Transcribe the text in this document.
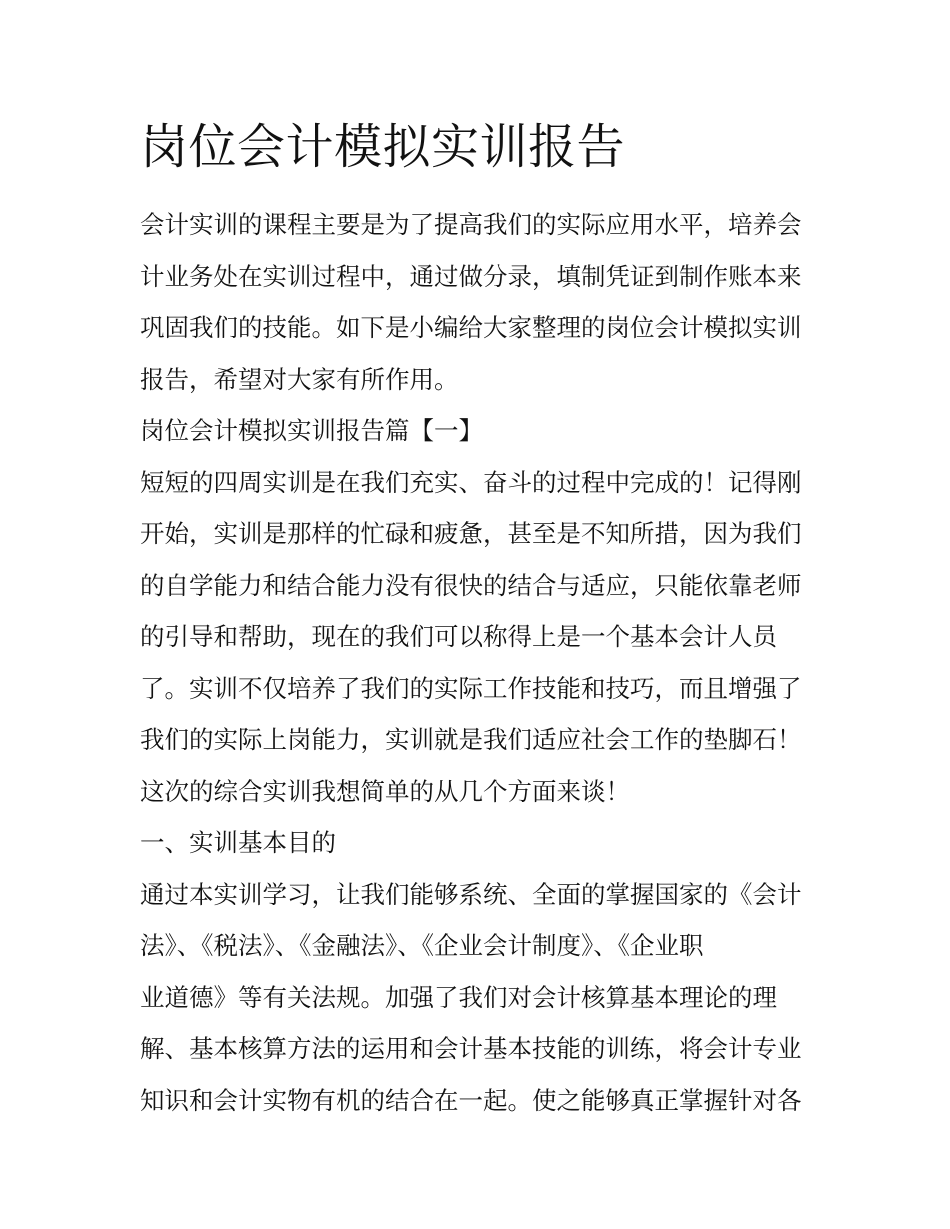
岗位会计模拟实训报告
会计实训的课程主要是为了提高我们的实际应用水平，培养会
计业务处在实训过程中，通过做分录，填制凭证到制作账本来
巩固我们的技能。如下是小编给大家整理的岗位会计模拟实训
报告，希望对大家有所作用。
岗位会计模拟实训报告篇【一】
短短的四周实训是在我们充实、奋斗的过程中完成的！记得刚
开始，实训是那样的忙碌和疲惫，甚至是不知所措，因为我们
的自学能力和结合能力没有很快的结合与适应，只能依靠老师
的引导和帮助，现在的我们可以称得上是一个基本会计人员
了。实训不仅培养了我们的实际工作技能和技巧，而且增强了
我们的实际上岗能力，实训就是我们适应社会工作的垫脚石！
这次的综合实训我想简单的从几个方面来谈！
一、实训基本目的
通过本实训学习，让我们能够系统、全面的掌握国家的《会计
法》、《税法》、《金融法》、《企业会计制度》、《企业职
业道德》等有关法规。加强了我们对会计核算基本理论的理
解、基本核算方法的运用和会计基本技能的训练，将会计专业
知识和会计实物有机的结合在一起。使之能够真正掌握针对各
